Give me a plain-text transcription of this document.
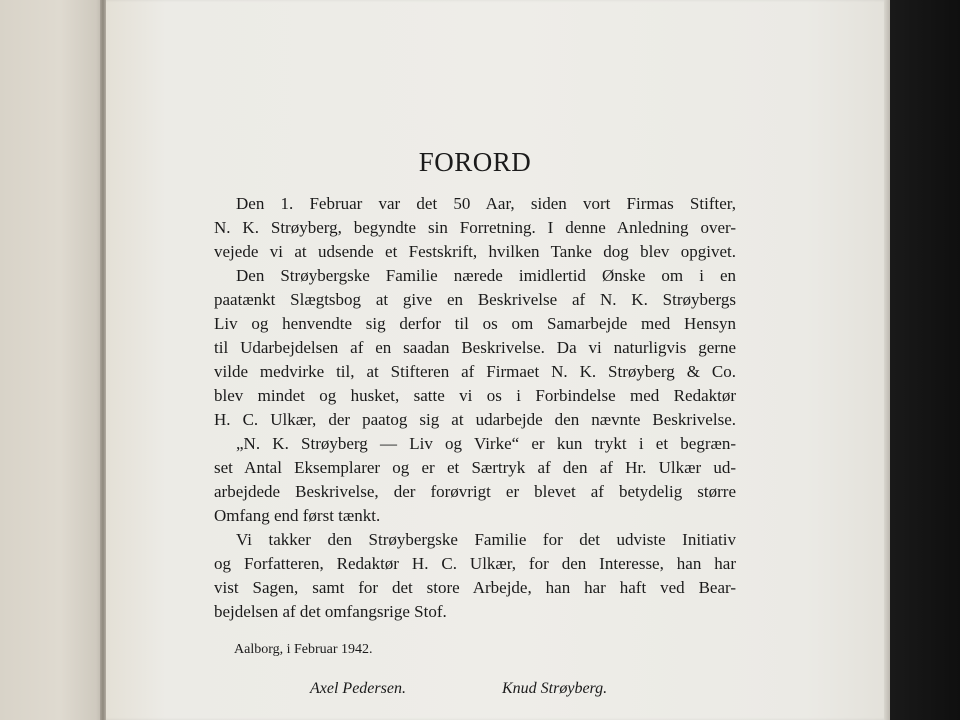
FORORD
Den 1. Februar var det 50 Aar, siden vort Firmas Stifter,
N. K. Strøyberg, begyndte sin Forretning. I denne Anledning over-
vejede vi at udsende et Festskrift, hvilken Tanke dog blev opgivet.
Den Strøybergske Familie nærede imidlertid Ønske om i en
paatænkt Slægtsbog at give en Beskrivelse af N. K. Strøybergs
Liv og henvendte sig derfor til os om Samarbejde med Hensyn
til Udarbejdelsen af en saadan Beskrivelse. Da vi naturligvis gerne
vilde medvirke til, at Stifteren af Firmaet N. K. Strøyberg & Co.
blev mindet og husket, satte vi os i Forbindelse med Redaktør
H. C. Ulkær, der paatog sig at udarbejde den nævnte Beskrivelse.
„N. K. Strøyberg — Liv og Virke“ er kun trykt i et begræn-
set Antal Eksemplarer og er et Særtryk af den af Hr. Ulkær ud-
arbejdede Beskrivelse, der forøvrigt er blevet af betydelig større
Omfang end først tænkt.
Vi takker den Strøybergske Familie for det udviste Initiativ
og Forfatteren, Redaktør H. C. Ulkær, for den Interesse, han har
vist Sagen, samt for det store Arbejde, han har haft ved Bear-
bejdelsen af det omfangsrige Stof.
Aalborg, i Februar 1942.
Axel Pedersen.	Knud Strøyberg.
